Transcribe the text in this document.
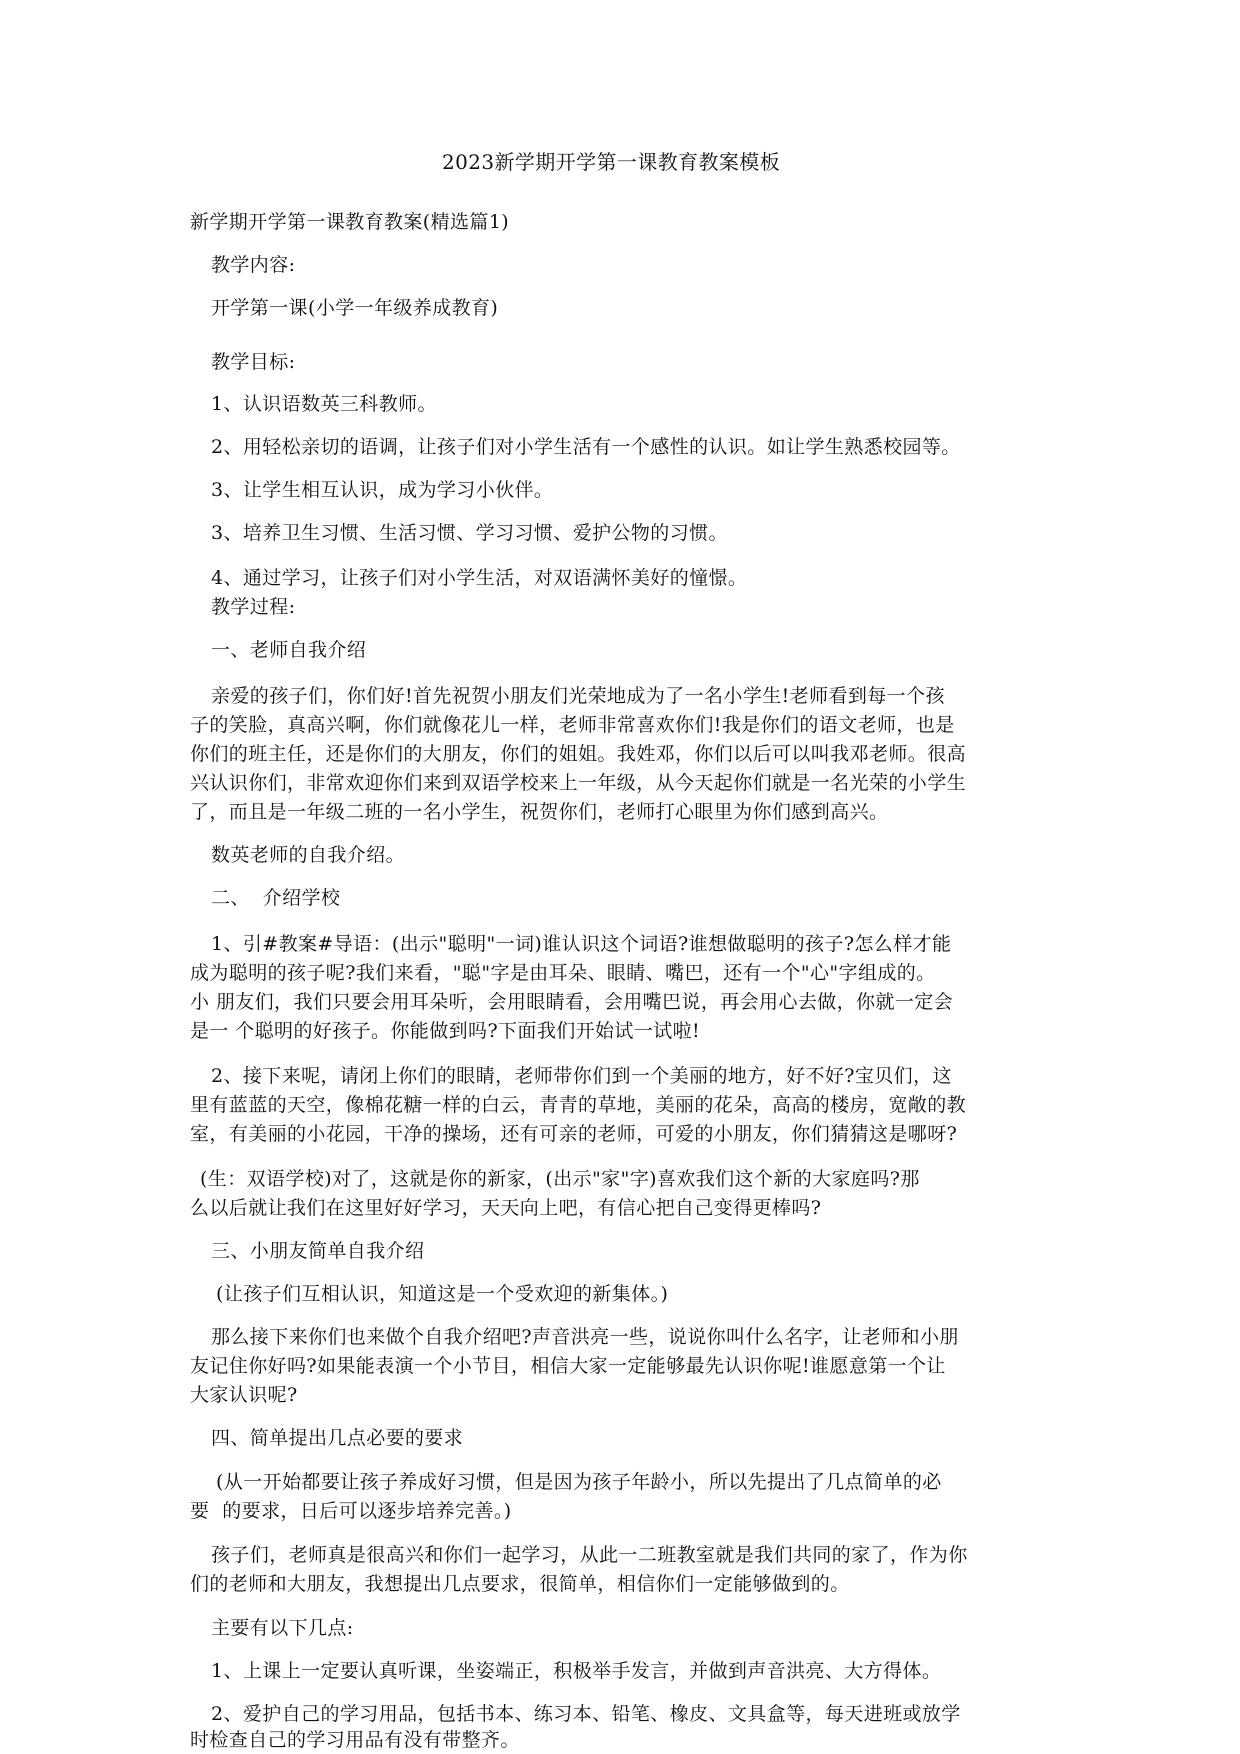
2023新学期开学第一课教育教案模板
新学期开学第一课教育教案(精选篇1)
教学内容:
开学第一课(小学一年级养成教育)
教学目标:
1、认识语数英三科教师。
2、用轻松亲切的语调，让孩子们对小学生活有一个感性的认识。如让学生熟悉校园等。
3、让学生相互认识，成为学习小伙伴。
3、培养卫生习惯、生活习惯、学习习惯、爱护公物的习惯。
4、通过学习，让孩子们对小学生活，对双语满怀美好的憧憬。
教学过程:
一、老师自我介绍
亲爱的孩子们，你们好!首先祝贺小朋友们光荣地成为了一名小学生!老师看到每一个孩
子的笑脸，真高兴啊，你们就像花儿一样，老师非常喜欢你们!我是你们的语文老师，也是
你们的班主任，还是你们的大朋友，你们的姐姐。我姓邓，你们以后可以叫我邓老师。很高
兴认识你们，非常欢迎你们来到双语学校来上一年级，从今天起你们就是一名光荣的小学生
了，而且是一年级二班的一名小学生，祝贺你们，老师打心眼里为你们感到高兴。
数英老师的自我介绍。
二、  介绍学校
1、引#教案#导语：(出示"聪明"一词)谁认识这个词语?谁想做聪明的孩子?怎么样才能
成为聪明的孩子呢?我们来看，"聪"字是由耳朵、眼睛、嘴巴，还有一个"心"字组成的。
小 朋友们，我们只要会用耳朵听，会用眼睛看，会用嘴巴说，再会用心去做，你就一定会
是一 个聪明的好孩子。你能做到吗?下面我们开始试一试啦!
2、接下来呢，请闭上你们的眼睛，老师带你们到一个美丽的地方，好不好?宝贝们，这
里有蓝蓝的天空，像棉花糖一样的白云，青青的草地，美丽的花朵，高高的楼房，宽敞的教
室，有美丽的小花园，干净的操场，还有可亲的老师，可爱的小朋友，你们猜猜这是哪呀?
(生：双语学校)对了，这就是你的新家，(出示"家"字)喜欢我们这个新的大家庭吗?那
么以后就让我们在这里好好学习，天天向上吧，有信心把自己变得更棒吗?
三、小朋友简单自我介绍
(让孩子们互相认识，知道这是一个受欢迎的新集体。)
那么接下来你们也来做个自我介绍吧?声音洪亮一些，说说你叫什么名字，让老师和小朋
友记住你好吗?如果能表演一个小节目，相信大家一定能够最先认识你呢!谁愿意第一个让
大家认识呢?
四、简单提出几点必要的要求
(从一开始都要让孩子养成好习惯，但是因为孩子年龄小，所以先提出了几点简单的必
要  的要求，日后可以逐步培养完善。)
孩子们，老师真是很高兴和你们一起学习，从此一二班教室就是我们共同的家了，作为你
们的老师和大朋友，我想提出几点要求，很简单，相信你们一定能够做到的。
主要有以下几点:
1、上课上一定要认真听课，坐姿端正，积极举手发言，并做到声音洪亮、大方得体。
2、爱护自己的学习用品，包括书本、练习本、铅笔、橡皮、文具盒等，每天进班或放学
时检查自己的学习用品有没有带整齐。
